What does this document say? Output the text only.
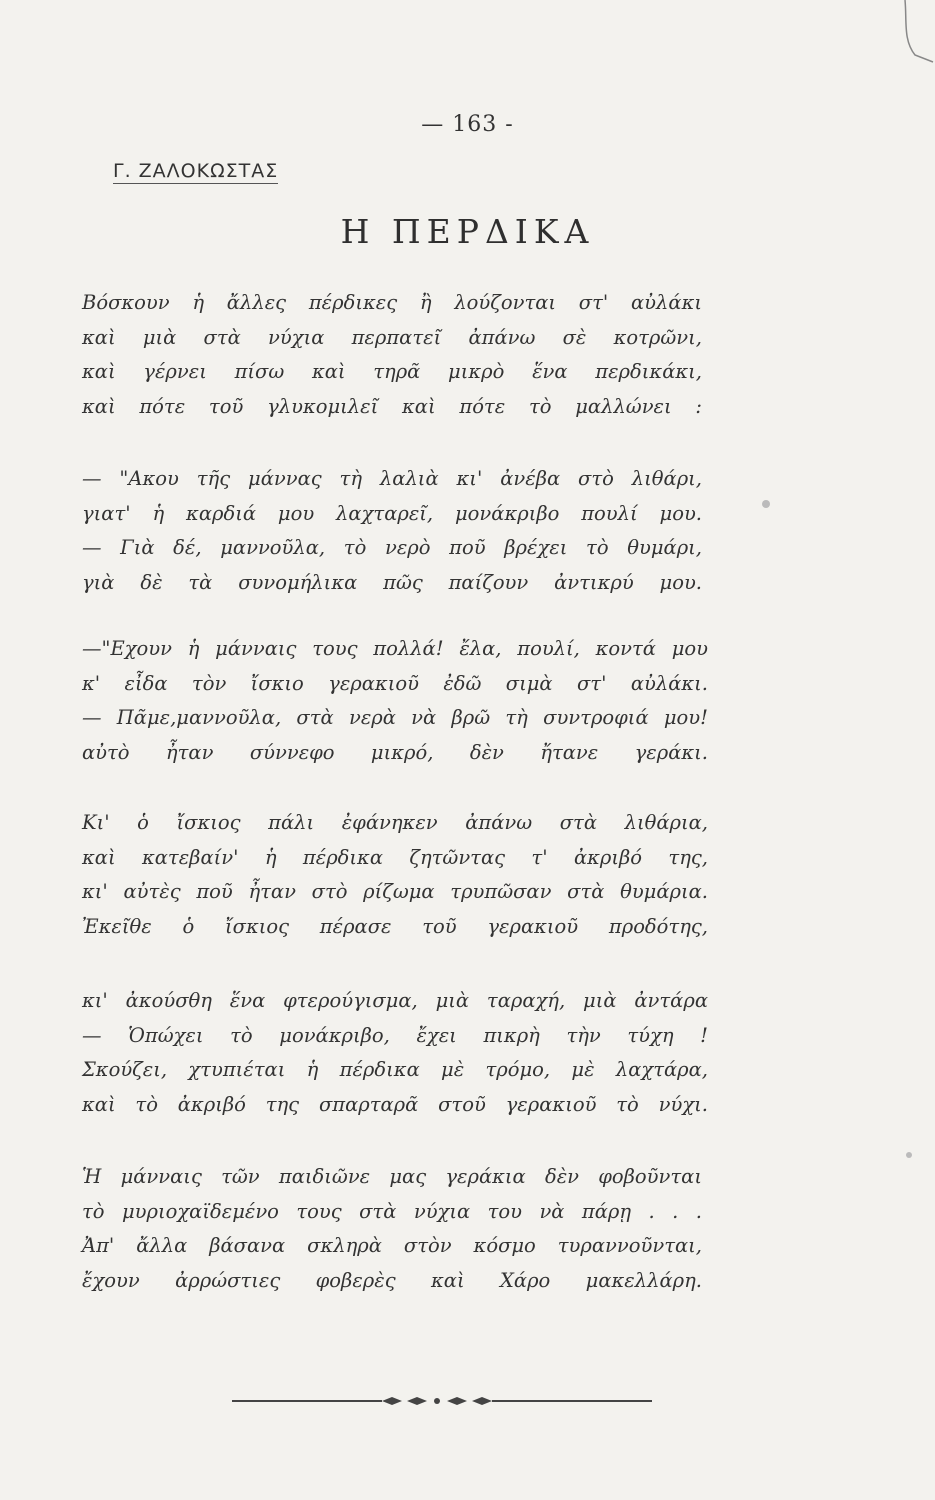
— 163 -
Γ. ΖΑΛΟΚΩΣΤΑΣ
Η ΠΕΡΔΙΚΑ
Βόσκουν ἡ ἄλλες πέρδικες ἢ λούζονται στ' αὐλάκι
καὶ μιὰ στὰ νύχια περπατεῖ ἀπάνω σὲ κοτρῶνι,
καὶ γέρνει πίσω καὶ τηρᾶ μικρὸ ἕνα περδικάκι,
καὶ πότε τοῦ γλυκομιλεῖ καὶ πότε τὸ μαλλώνει :
— "Ακου τῆς μάννας τὴ λαλιὰ κι' ἀνέβα στὸ λιθάρι,
γιατ' ἡ καρδιά μου λαχταρεῖ, μονάκριβο πουλί μου.
— Γιὰ δέ, μαννοῦλα, τὸ νερὸ ποῦ βρέχει τὸ θυμάρι,
γιὰ δὲ τὰ συνομήλικα πῶς παίζουν ἀντικρύ μου.
—"Εχουν ἡ μάνναις τους πολλά! ἔλα, πουλί, κοντά μου
κ' εἶδα τὸν ἴσκιο γερακιοῦ ἐδῶ σιμὰ στ' αὐλάκι.
— Πᾶμε,μαννοῦλα, στὰ νερὰ νὰ βρῶ τὴ συντροφιά μου!
αὐτὸ ἦταν σύννεφο μικρό, δὲν ἤτανε γεράκι.
Κι' ὁ ἴσκιος πάλι ἐφάνηκεν ἀπάνω στὰ λιθάρια,
καὶ κατεβαίν' ἡ πέρδικα ζητῶντας τ' ἀκριβό της,
κι' αὐτὲς ποῦ ἦταν στὸ ρίζωμα τρυπῶσαν στὰ θυμάρια.
Ἐκεῖθε ὁ ἴσκιος πέρασε τοῦ γερακιοῦ προδότης,
κι' ἀκούσθη ἕνα φτερούγισμα, μιὰ ταραχή, μιὰ ἀντάρα
— Ὁπώχει τὸ μονάκριβο, ἔχει πικρὴ τὴν τύχη !
Σκούζει, χτυπιέται ἡ πέρδικα μὲ τρόμο, μὲ λαχτάρα,
καὶ τὸ ἀκριβό της σπαρταρᾶ στοῦ γερακιοῦ τὸ νύχι.
Ἡ μάνναις τῶν παιδιῶνε μας γεράκια δὲν φοβοῦνται
τὸ μυριοχαϊδεμένο τους στὰ νύχια του νὰ πάρῃ . . .
Ἀπ' ἄλλα βάσανα σκληρὰ στὸν κόσμο τυραννοῦνται,
ἔχουν ἀρρώστιες φοβερὲς καὶ Χάρο μακελλάρη.
